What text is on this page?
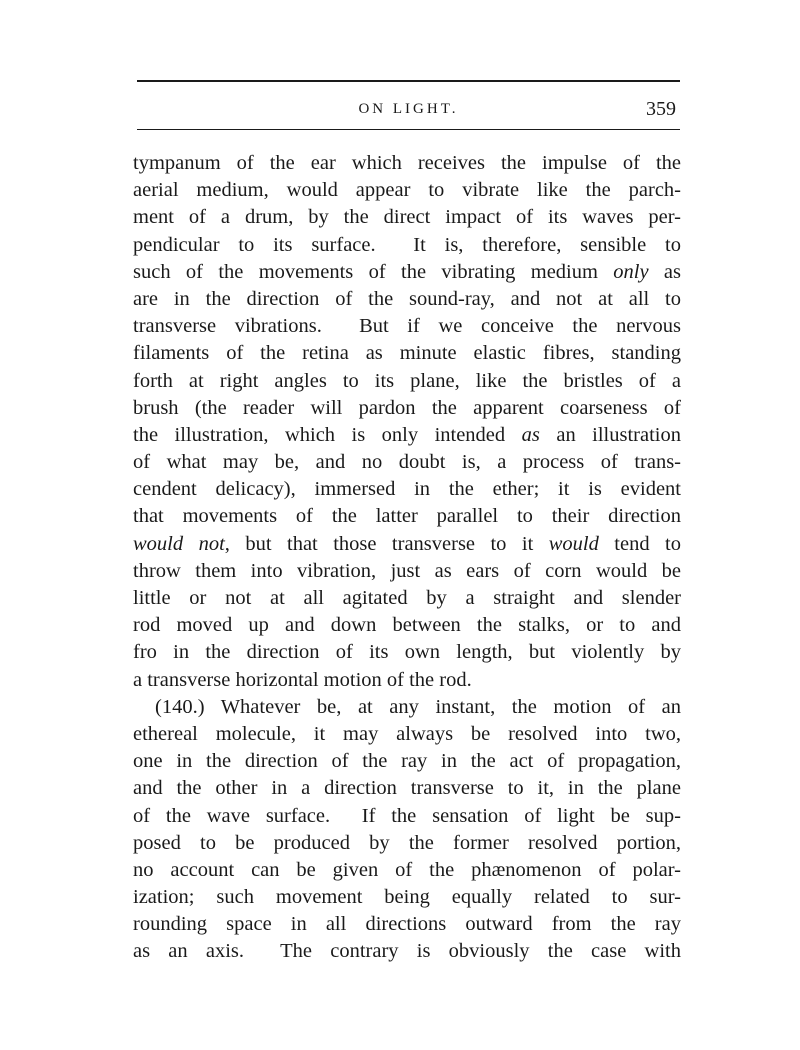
ON LIGHT.	359
tympanum of the ear which receives the impulse of the
aerial medium, would appear to vibrate like the parch-
ment of a drum, by the direct impact of its waves per-
pendicular to its surface.  It is, therefore, sensible to
such of the movements of the vibrating medium only as
are in the direction of the sound-ray, and not at all to
transverse vibrations.  But if we conceive the nervous
filaments of the retina as minute elastic fibres, standing
forth at right angles to its plane, like the bristles of a
brush (the reader will pardon the apparent coarseness of
the illustration, which is only intended as an illustration
of what may be, and no doubt is, a process of trans-
cendent delicacy), immersed in the ether; it is evident
that movements of the latter parallel to their direction
would not, but that those transverse to it would tend to
throw them into vibration, just as ears of corn would be
little or not at all agitated by a straight and slender
rod moved up and down between the stalks, or to and
fro in the direction of its own length, but violently by
a transverse horizontal motion of the rod.
(140.) Whatever be, at any instant, the motion of an
ethereal molecule, it may always be resolved into two,
one in the direction of the ray in the act of propagation,
and the other in a direction transverse to it, in the plane
of the wave surface.  If the sensation of light be sup-
posed to be produced by the former resolved portion,
no account can be given of the phænomenon of polar-
ization; such movement being equally related to sur-
rounding space in all directions outward from the ray
as an axis.  The contrary is obviously the case with
